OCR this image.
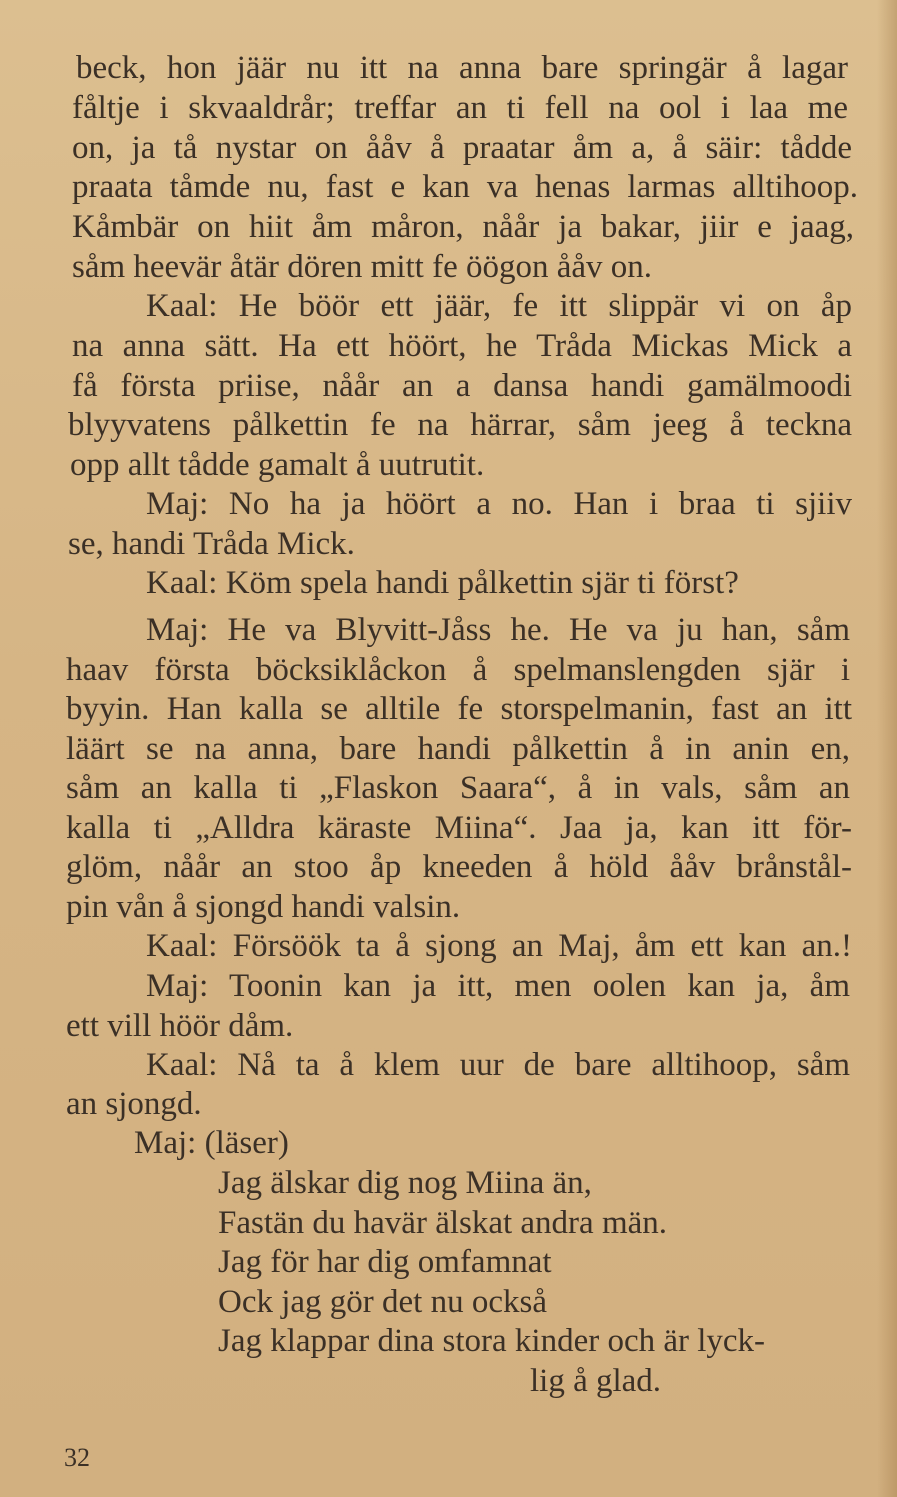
beck, hon jäär nu itt na anna bare springär å lagar
fåltje i skvaaldrår; treffar an ti fell na ool i laa me
on, ja tå nystar on ååv å praatar åm a, å säir: tådde
praata tåmde nu, fast e kan va henas larmas alltihoop.
Kåmbär on hiit åm måron, nåår ja bakar, jiir e jaag,
såm heevär åtär dören mitt fe öögon ååv on.
Kaal: He böör ett jäär, fe itt slippär vi on åp
na anna sätt. Ha ett höört, he Tråda Mickas Mick a
få första priise, nåår an a dansa handi gamälmoodi
blyyvatens pålkettin fe na härrar, såm jeeg å teckna
opp allt tådde gamalt å uutrutit.
Maj: No ha ja höört a no. Han i braa ti sjiiv
se, handi Tråda Mick.
Kaal: Köm spela handi pålkettin sjär ti först?
Maj: He va Blyvitt-Jåss he. He va ju han, såm
haav första böcksiklåckon å spelmanslengden sjär i
byyin. Han kalla se alltile fe storspelmanin, fast an itt
läärt se na anna, bare handi pålkettin å in anin en,
såm an kalla ti „Flaskon Saara“, å in vals, såm an
kalla ti „Alldra käraste Miina“. Jaa ja, kan itt för-
glöm, nåår an stoo åp kneeden å höld ååv brånstål-
pin vån å sjongd handi valsin.
Kaal: Försöök ta å sjong an Maj, åm ett kan an.!
Maj: Toonin kan ja itt, men oolen kan ja, åm
ett vill höör dåm.
Kaal: Nå ta å klem uur de bare alltihoop, såm
an sjongd.
Maj: (läser)
Jag älskar dig nog Miina än,
Fastän du havär älskat andra män.
Jag för har dig omfamnat
Ock jag gör det nu också
Jag klappar dina stora kinder och är lyck-
lig å glad.
32
